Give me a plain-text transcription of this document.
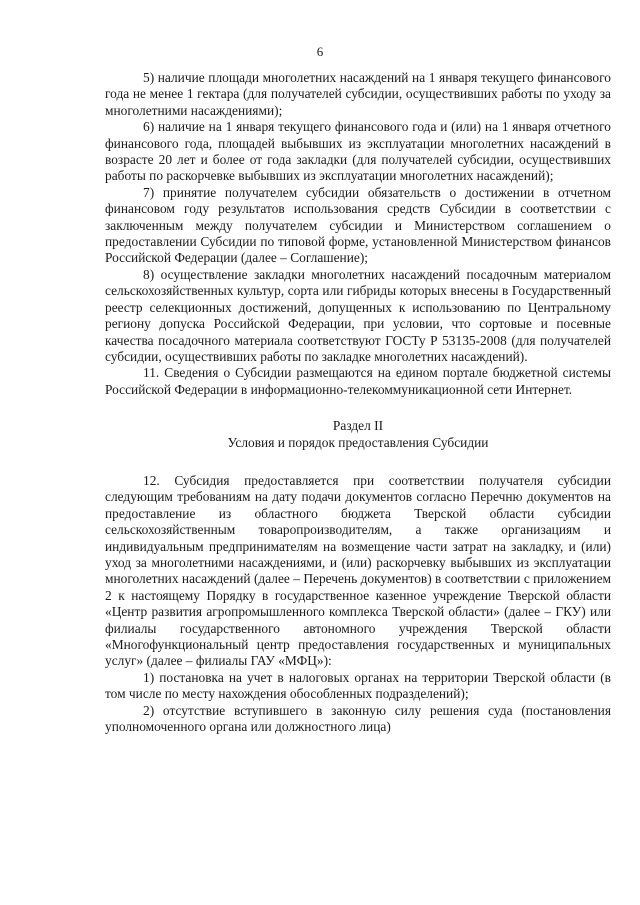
6

5) наличие площади многолетних насаждений на 1 января текущего финансового года не менее 1 гектара (для получателей субсидии, осуществивших работы по уходу за многолетними насаждениями);

6) наличие на 1 января текущего финансового года и (или) на 1 января отчетного финансового года, площадей выбывших из эксплуатации многолетних насаждений в возрасте 20 лет и более от года закладки (для получателей субсидии, осуществивших работы по раскорчевке выбывших из эксплуатации многолетних насаждений);

7) принятие получателем субсидии обязательств о достижении в отчетном финансовом году результатов использования средств Субсидии в соответствии с заключенным между получателем субсидии и Министерством соглашением о предоставлении Субсидии по типовой форме, установленной Министерством финансов Российской Федерации (далее – Соглашение);

8) осуществление закладки многолетних насаждений посадочным материалом сельскохозяйственных культур, сорта или гибриды которых внесены в Государственный реестр селекционных достижений, допущенных к использованию по Центральному региону допуска Российской Федерации, при условии, что сортовые и посевные качества посадочного материала соответствуют ГОСТу Р 53135-2008 (для получателей субсидии, осуществивших работы по закладке многолетних насаждений).

11. Сведения о Субсидии размещаются на едином портале бюджетной системы Российской Федерации в информационно-телекоммуникационной сети Интернет.

Раздел II
Условия и порядок предоставления Субсидии

12. Субсидия предоставляется при соответствии получателя субсидии следующим требованиям на дату подачи документов согласно Перечню документов на предоставление из областного бюджета Тверской области субсидии сельскохозяйственным товаропроизводителям, а также организациям и индивидуальным предпринимателям на возмещение части затрат на закладку, и (или) уход за многолетними насаждениями, и (или) раскорчевку выбывших из эксплуатации многолетних насаждений (далее – Перечень документов) в соответствии с приложением 2 к настоящему Порядку в государственное казенное учреждение Тверской области «Центр развития агропромышленного комплекса Тверской области» (далее – ГКУ) или филиалы государственного автономного учреждения Тверской области «Многофункциональный центр предоставления государственных и муниципальных услуг» (далее – филиалы ГАУ «МФЦ»):

1) постановка на учет в налоговых органах на территории Тверской области (в том числе по месту нахождения обособленных подразделений);

2) отсутствие вступившего в законную силу решения суда (постановления уполномоченного органа или должностного лица)
